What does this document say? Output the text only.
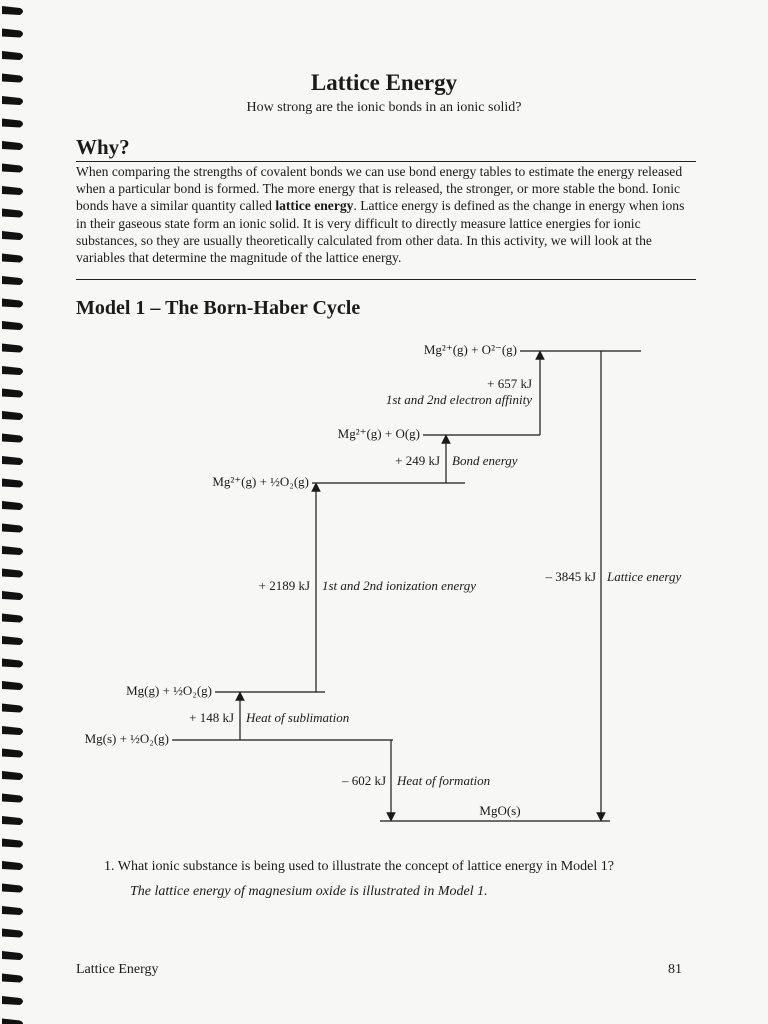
Lattice Energy
How strong are the ionic bonds in an ionic solid?
Why?
When comparing the strengths of covalent bonds we can use bond energy tables to estimate the energy released when a particular bond is formed. The more energy that is released, the stronger, or more stable the bond. Ionic bonds have a similar quantity called lattice energy. Lattice energy is defined as the change in energy when ions in their gaseous state form an ionic solid. It is very difficult to directly measure lattice energies for ionic substances, so they are usually theoretically calculated from other data. In this activity, we will look at the variables that determine the magnitude of the lattice energy.
Model 1 – The Born-Haber Cycle
Mg²⁺(g) + O²⁻(g)
Mg²⁺(g) + O(g)
Mg²⁺(g) + ½O₂(g)
Mg(g) + ½O₂(g)
Mg(s) + ½O₂(g)
MgO(s)
+ 657 kJ
1st and 2nd electron affinity
+ 249 kJ Bond energy
+ 2189 kJ 1st and 2nd ionization energy
+ 148 kJ Heat of sublimation
– 602 kJ Heat of formation
– 3845 kJ Lattice energy
1. What ionic substance is being used to illustrate the concept of lattice energy in Model 1?
The lattice energy of magnesium oxide is illustrated in Model 1.
Lattice Energy	81
